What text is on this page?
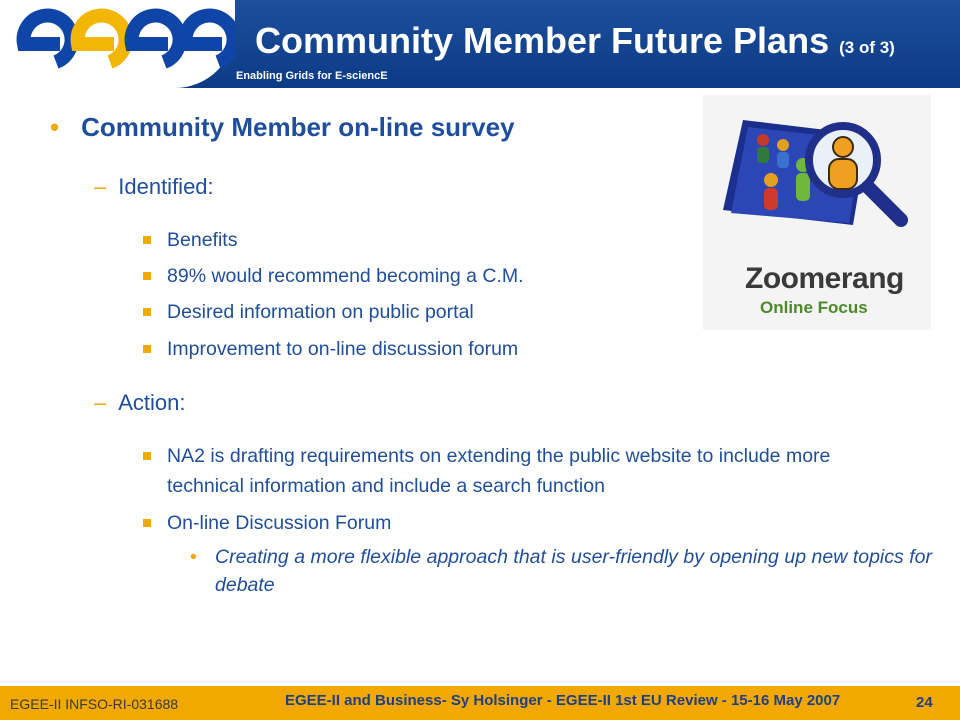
Enabling Grids for E-sciencE
Community Member Future Plans (3 of 3)
• Community Member on-line survey
– Identified:
Benefits
89% would recommend becoming a C.M.
Desired information on public portal
Improvement to on-line discussion forum
– Action:
NA2 is drafting requirements on extending the public website to include more technical information and include a search function
On-line Discussion Forum
• Creating a more flexible approach that is user-friendly by opening up new topics for debate
Zoomerang
Online Focus
EGEE-II INFSO-RI-031688	EGEE-II and Business- Sy Holsinger - EGEE-II 1st EU Review - 15-16 May 2007	24
